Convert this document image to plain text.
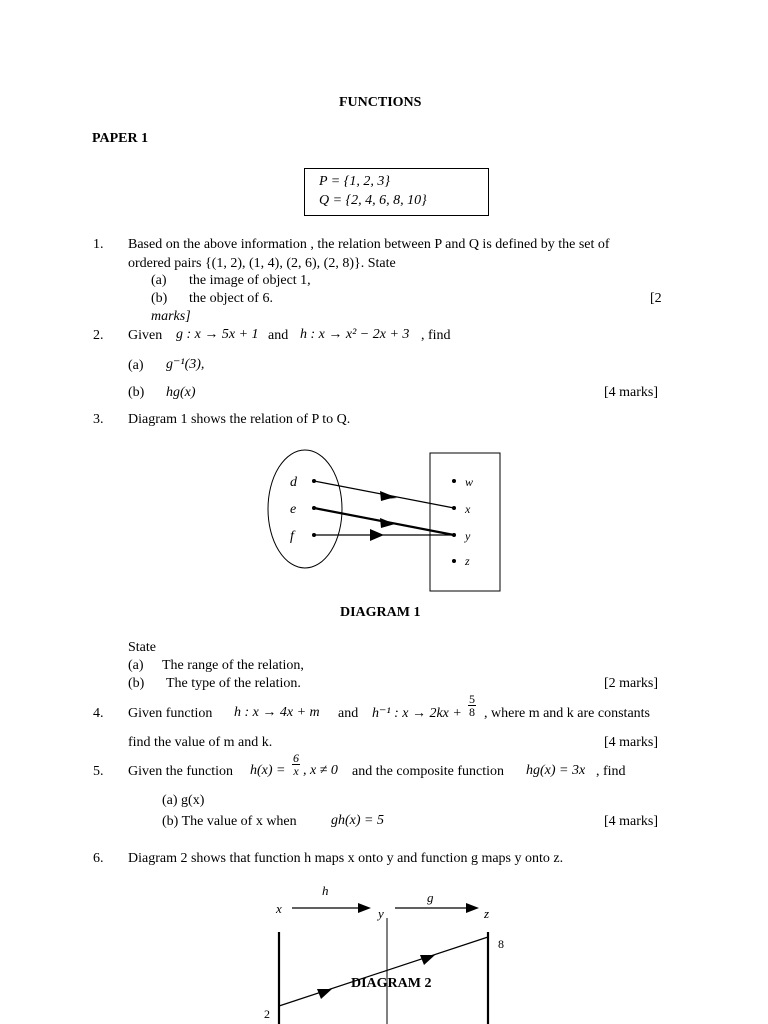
FUNCTIONS
PAPER 1
P = {1, 2, 3}
Q = {2, 4, 6, 8, 10}
1. Based on the above information , the relation between P and Q is defined by the set of
ordered pairs {(1, 2), (1, 4), (2, 6), (2, 8)}. State
(a) the image of object 1,
(b) the object of 6.	[2
marks]
2. Given g : x → 5x + 1 and h : x → x² − 2x + 3 , find
(a) g⁻¹(3),
(b) hg(x)	[4 marks]
3. Diagram 1 shows the relation of P to Q.
d
e
f
w
x
y
z
DIAGRAM 1
State
(a) The range of the relation,
(b) The type of the relation.	[2 marks]
4. Given function h : x → 4x + m and h⁻¹ : $x \to 2kx + \frac{5}{8}$ , where m and k are constants
find the value of m and k.	[4 marks]
5. Given the function $h(x) = \frac{6}{x}$ , x ≠ 0 and the composite function hg(x) = 3x , find
(a) g(x)
(b) The value of x when gh(x) = 5	[4 marks]
6. Diagram 2 shows that function h maps x onto y and function g maps y onto z.
x
h
y
g
z
8
2
DIAGRAM 2
